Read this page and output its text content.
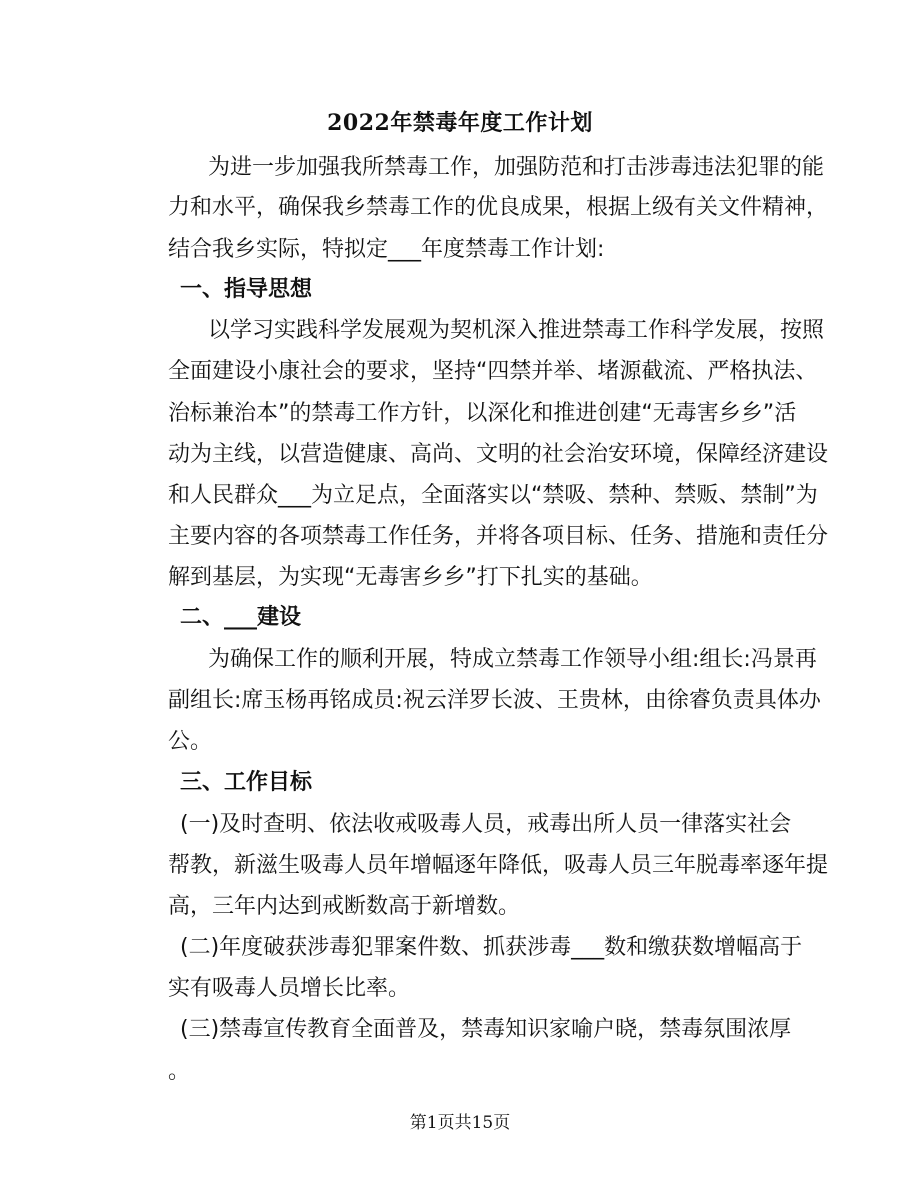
2022年禁毒年度工作计划
为进一步加强我所禁毒工作，加强防范和打击涉毒违法犯罪的能
力和水平，确保我乡禁毒工作的优良成果，根据上级有关文件精神，
结合我乡实际，特拟定___年度禁毒工作计划:
一、指导思想
以学习实践科学发展观为契机深入推进禁毒工作科学发展，按照
全面建设小康社会的要求，坚持“四禁并举、堵源截流、严格执法、
治标兼治本”的禁毒工作方针，以深化和推进创建“无毒害乡乡”活
动为主线，以营造健康、高尚、文明的社会治安环境，保障经济建设
和人民群众___为立足点，全面落实以“禁吸、禁种、禁贩、禁制”为
主要内容的各项禁毒工作任务，并将各项目标、任务、措施和责任分
解到基层，为实现“无毒害乡乡”打下扎实的基础。
二、___建设
为确保工作的顺利开展，特成立禁毒工作领导小组:组长:冯景再
副组长:席玉杨再铭成员:祝云洋罗长波、王贵林，由徐睿负责具体办
公。
三、工作目标
(一)及时查明、依法收戒吸毒人员，戒毒出所人员一律落实社会
帮教，新滋生吸毒人员年增幅逐年降低，吸毒人员三年脱毒率逐年提
高，三年内达到戒断数高于新增数。
(二)年度破获涉毒犯罪案件数、抓获涉毒___数和缴获数增幅高于
实有吸毒人员增长比率。
(三)禁毒宣传教育全面普及，禁毒知识家喻户晓，禁毒氛围浓厚
。
第1页共15页
